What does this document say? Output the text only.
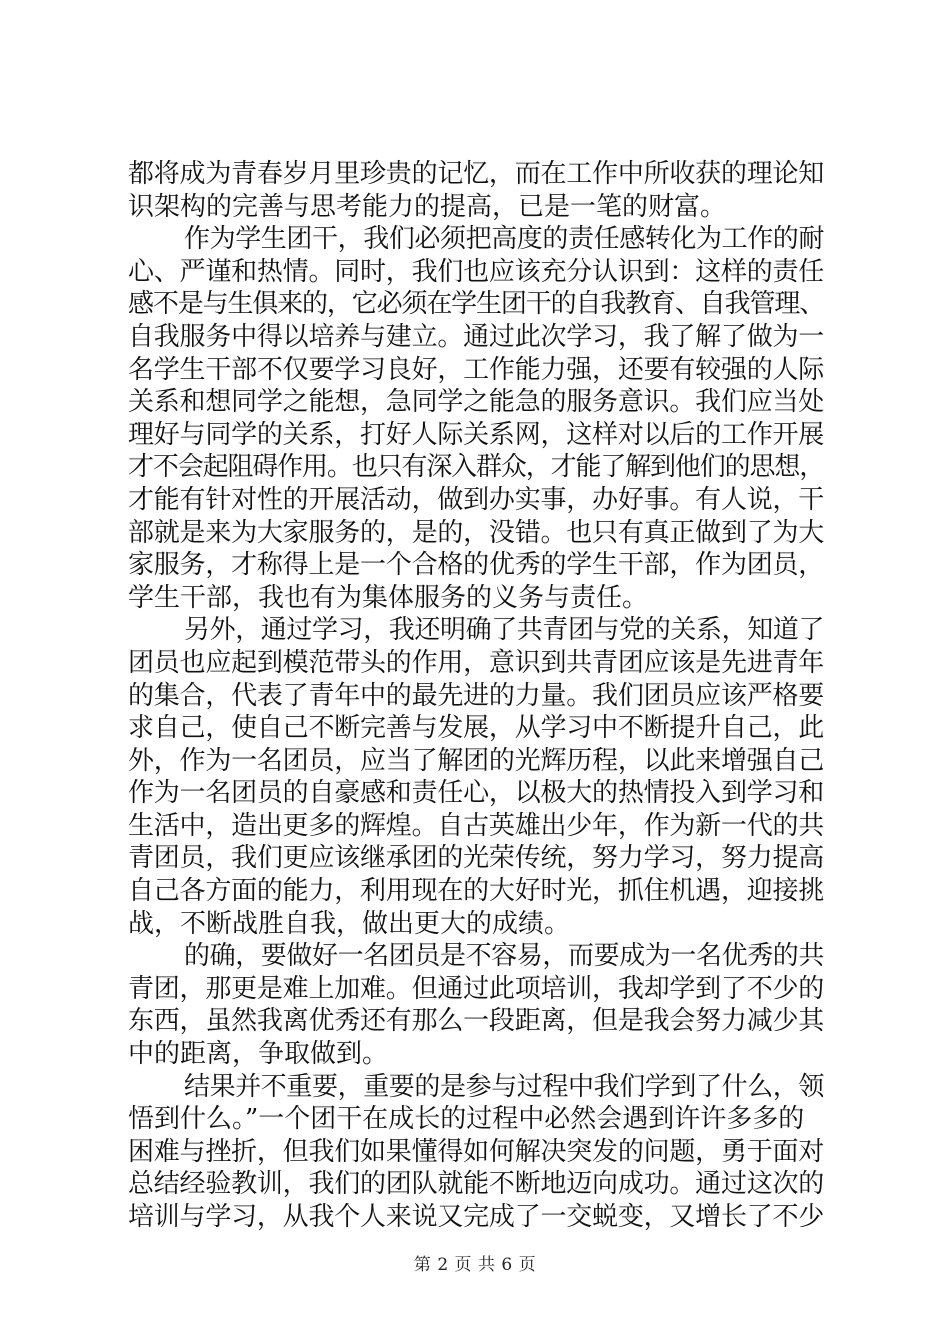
都将成为青春岁月里珍贵的记忆，而在工作中所收获的理论知
识架构的完善与思考能力的提高，已是一笔的财富。
作为学生团干，我们必须把高度的责任感转化为工作的耐
心、严谨和热情。同时，我们也应该充分认识到：这样的责任
感不是与生俱来的，它必须在学生团干的自我教育、自我管理、
自我服务中得以培养与建立。通过此次学习，我了解了做为一
名学生干部不仅要学习良好，工作能力强，还要有较强的人际
关系和想同学之能想，急同学之能急的服务意识。我们应当处
理好与同学的关系，打好人际关系网，这样对以后的工作开展
才不会起阻碍作用。也只有深入群众，才能了解到他们的思想，
才能有针对性的开展活动，做到办实事，办好事。有人说，干
部就是来为大家服务的，是的，没错。也只有真正做到了为大
家服务，才称得上是一个合格的优秀的学生干部，作为团员，
学生干部，我也有为集体服务的义务与责任。
另外，通过学习，我还明确了共青团与党的关系，知道了
团员也应起到模范带头的作用，意识到共青团应该是先进青年
的集合，代表了青年中的最先进的力量。我们团员应该严格要
求自己，使自己不断完善与发展，从学习中不断提升自己，此
外，作为一名团员，应当了解团的光辉历程，以此来增强自己
作为一名团员的自豪感和责任心，以极大的热情投入到学习和
生活中，造出更多的辉煌。自古英雄出少年，作为新一代的共
青团员，我们更应该继承团的光荣传统，努力学习，努力提高
自己各方面的能力，利用现在的大好时光，抓住机遇，迎接挑
战，不断战胜自我，做出更大的成绩。
的确，要做好一名团员是不容易，而要成为一名优秀的共
青团，那更是难上加难。但通过此项培训，我却学到了不少的
东西，虽然我离优秀还有那么一段距离，但是我会努力减少其
中的距离，争取做到。
结果并不重要，重要的是参与过程中我们学到了什么，领
悟到什么。”一个团干在成长的过程中必然会遇到许许多多的
困难与挫折，但我们如果懂得如何解决突发的问题，勇于面对
总结经验教训，我们的团队就能不断地迈向成功。通过这次的
培训与学习，从我个人来说又完成了一交蜕变，又增长了不少
第 2 页 共 6 页
